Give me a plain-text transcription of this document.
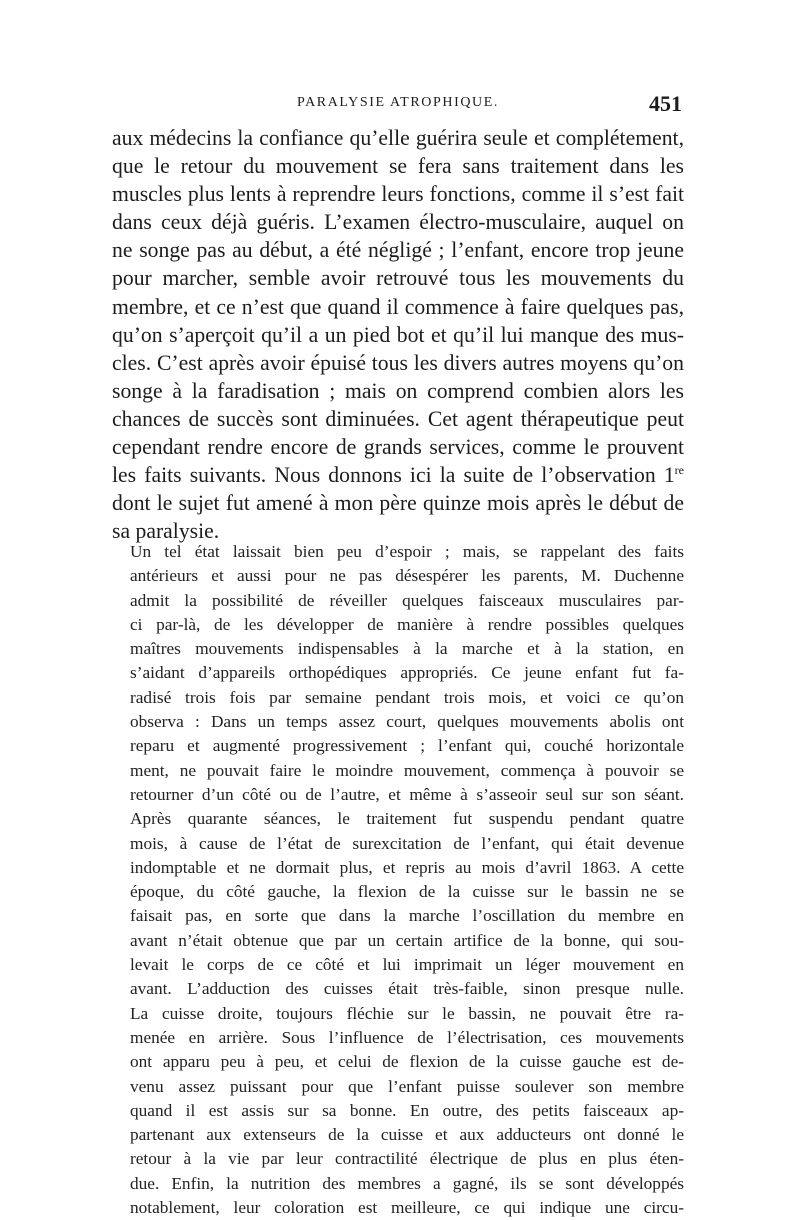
PARALYSIE ATROPHIQUE.	451

aux médecins la confiance qu’elle guérira seule et complétement,
que le retour du mouvement se fera sans traitement dans les
muscles plus lents à reprendre leurs fonctions, comme il s’est fait
dans ceux déjà guéris. L’examen électro-musculaire, auquel on
ne songe pas au début, a été négligé ; l’enfant, encore trop jeune
pour marcher, semble avoir retrouvé tous les mouvements du
membre, et ce n’est que quand il commence à faire quelques pas,
qu’on s’aperçoit qu’il a un pied bot et qu’il lui manque des mus-
cles. C’est après avoir épuisé tous les divers autres moyens qu’on
songe à la faradisation ; mais on comprend combien alors les
chances de succès sont diminuées. Cet agent thérapeutique peut
cependant rendre encore de grands services, comme le prouvent
les faits suivants. Nous donnons ici la suite de l’observation 1re
dont le sujet fut amené à mon père quinze mois après le début de
sa paralysie.

Un tel état laissait bien peu d’espoir ; mais, se rappelant des faits
antérieurs et aussi pour ne pas désespérer les parents, M. Duchenne
admit la possibilité de réveiller quelques faisceaux musculaires par-
ci par-là, de les développer de manière à rendre possibles quelques
maîtres mouvements indispensables à la marche et à la station, en
s’aidant d’appareils orthopédiques appropriés. Ce jeune enfant fut fa-
radisé trois fois par semaine pendant trois mois, et voici ce qu’on
observa : Dans un temps assez court, quelques mouvements abolis ont
reparu et augmenté progressivement ; l’enfant qui, couché horizontale
ment, ne pouvait faire le moindre mouvement, commença à pouvoir se
retourner d’un côté ou de l’autre, et même à s’asseoir seul sur son séant.

Après quarante séances, le traitement fut suspendu pendant quatre
mois, à cause de l’état de surexcitation de l’enfant, qui était devenue
indomptable et ne dormait plus, et repris au mois d’avril 1863. A cette
époque, du côté gauche, la flexion de la cuisse sur le bassin ne se
faisait pas, en sorte que dans la marche l’oscillation du membre en
avant n’était obtenue que par un certain artifice de la bonne, qui sou-
levait le corps de ce côté et lui imprimait un léger mouvement en
avant. L’adduction des cuisses était très-faible, sinon presque nulle.
La cuisse droite, toujours fléchie sur le bassin, ne pouvait être ra-
menée en arrière. Sous l’influence de l’électrisation, ces mouvements
ont apparu peu à peu, et celui de flexion de la cuisse gauche est de-
venu assez puissant pour que l’enfant puisse soulever son membre
quand il est assis sur sa bonne. En outre, des petits faisceaux ap-
partenant aux extenseurs de la cuisse et aux adducteurs ont donné le
retour à la vie par leur contractilité électrique de plus en plus éten-
due. Enfin, la nutrition des membres a gagné, ils se sont développés
notablement, leur coloration est meilleure, ce qui indique une circu-
